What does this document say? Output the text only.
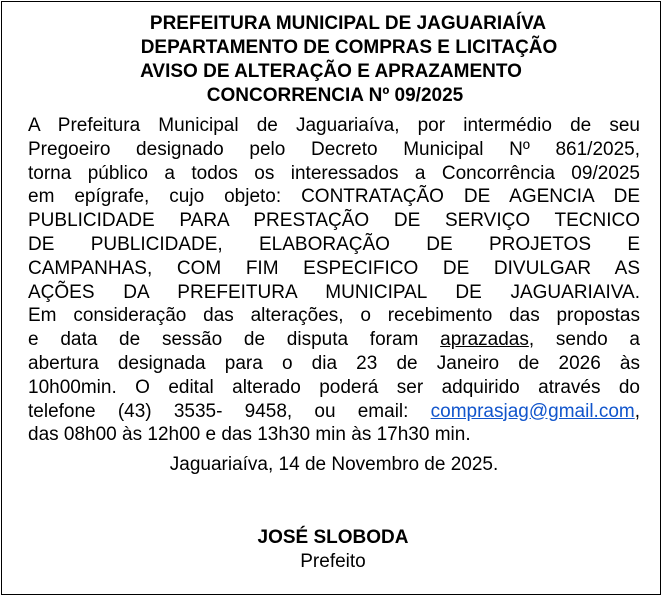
PREFEITURA MUNICIPAL DE JAGUARIAÍVA
DEPARTAMENTO DE COMPRAS E LICITAÇÃO
AVISO DE ALTERAÇÃO E APRAZAMENTO
CONCORRENCIA Nº 09/2025
A Prefeitura Municipal de Jaguariaíva, por intermédio de seu
Pregoeiro designado pelo Decreto Municipal Nº 861/2025,
torna público a todos os interessados a Concorrência 09/2025
em epígrafe, cujo objeto: CONTRATAÇÃO DE AGENCIA DE
PUBLICIDADE PARA PRESTAÇÃO DE SERVIÇO TECNICO
DE PUBLICIDADE, ELABORAÇÃO DE PROJETOS E
CAMPANHAS, COM FIM ESPECIFICO DE DIVULGAR AS
AÇÕES DA PREFEITURA MUNICIPAL DE JAGUARIAIVA.
Em consideração das alterações, o recebimento das propostas
e data de sessão de disputa foram aprazadas, sendo a
abertura designada para o dia 23 de Janeiro de 2026 às
10h00min. O edital alterado poderá ser adquirido através do
telefone (43) 3535- 9458, ou email: comprasjag@gmail.com,
das 08h00 às 12h00 e das 13h30 min às 17h30 min.
Jaguariaíva, 14 de Novembro de 2025.
JOSÉ SLOBODA
Prefeito
